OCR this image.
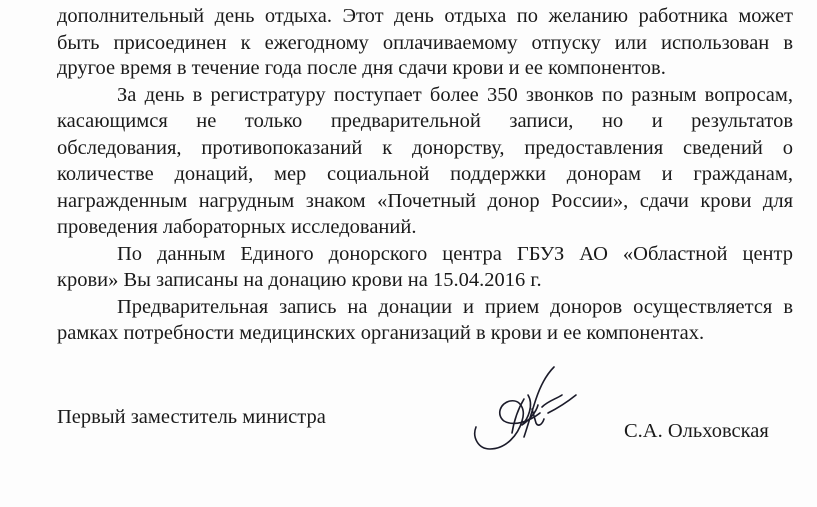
дополнительный день отдыха. Этот день отдыха по желанию работника может
быть присоединен к ежегодному оплачиваемому отпуску или использован в
другое время в течение года после дня сдачи крови и ее компонентов.
За день в регистратуру поступает более 350 звонков по разным вопросам,
касающимся не только предварительной записи, но и результатов
обследования, противопоказаний к донорству, предоставления сведений о
количестве донаций, мер социальной поддержки донорам и гражданам,
награжденным нагрудным знаком «Почетный донор России», сдачи крови для
проведения лабораторных исследований.
По данным Единого донорского центра ГБУЗ АО «Областной центр
крови» Вы записаны на донацию крови на 15.04.2016 г.
Предварительная запись на донации и прием доноров осуществляется в
рамках потребности медицинских организаций в крови и ее компонентах.
Первый заместитель министра
С.А. Ольховская
